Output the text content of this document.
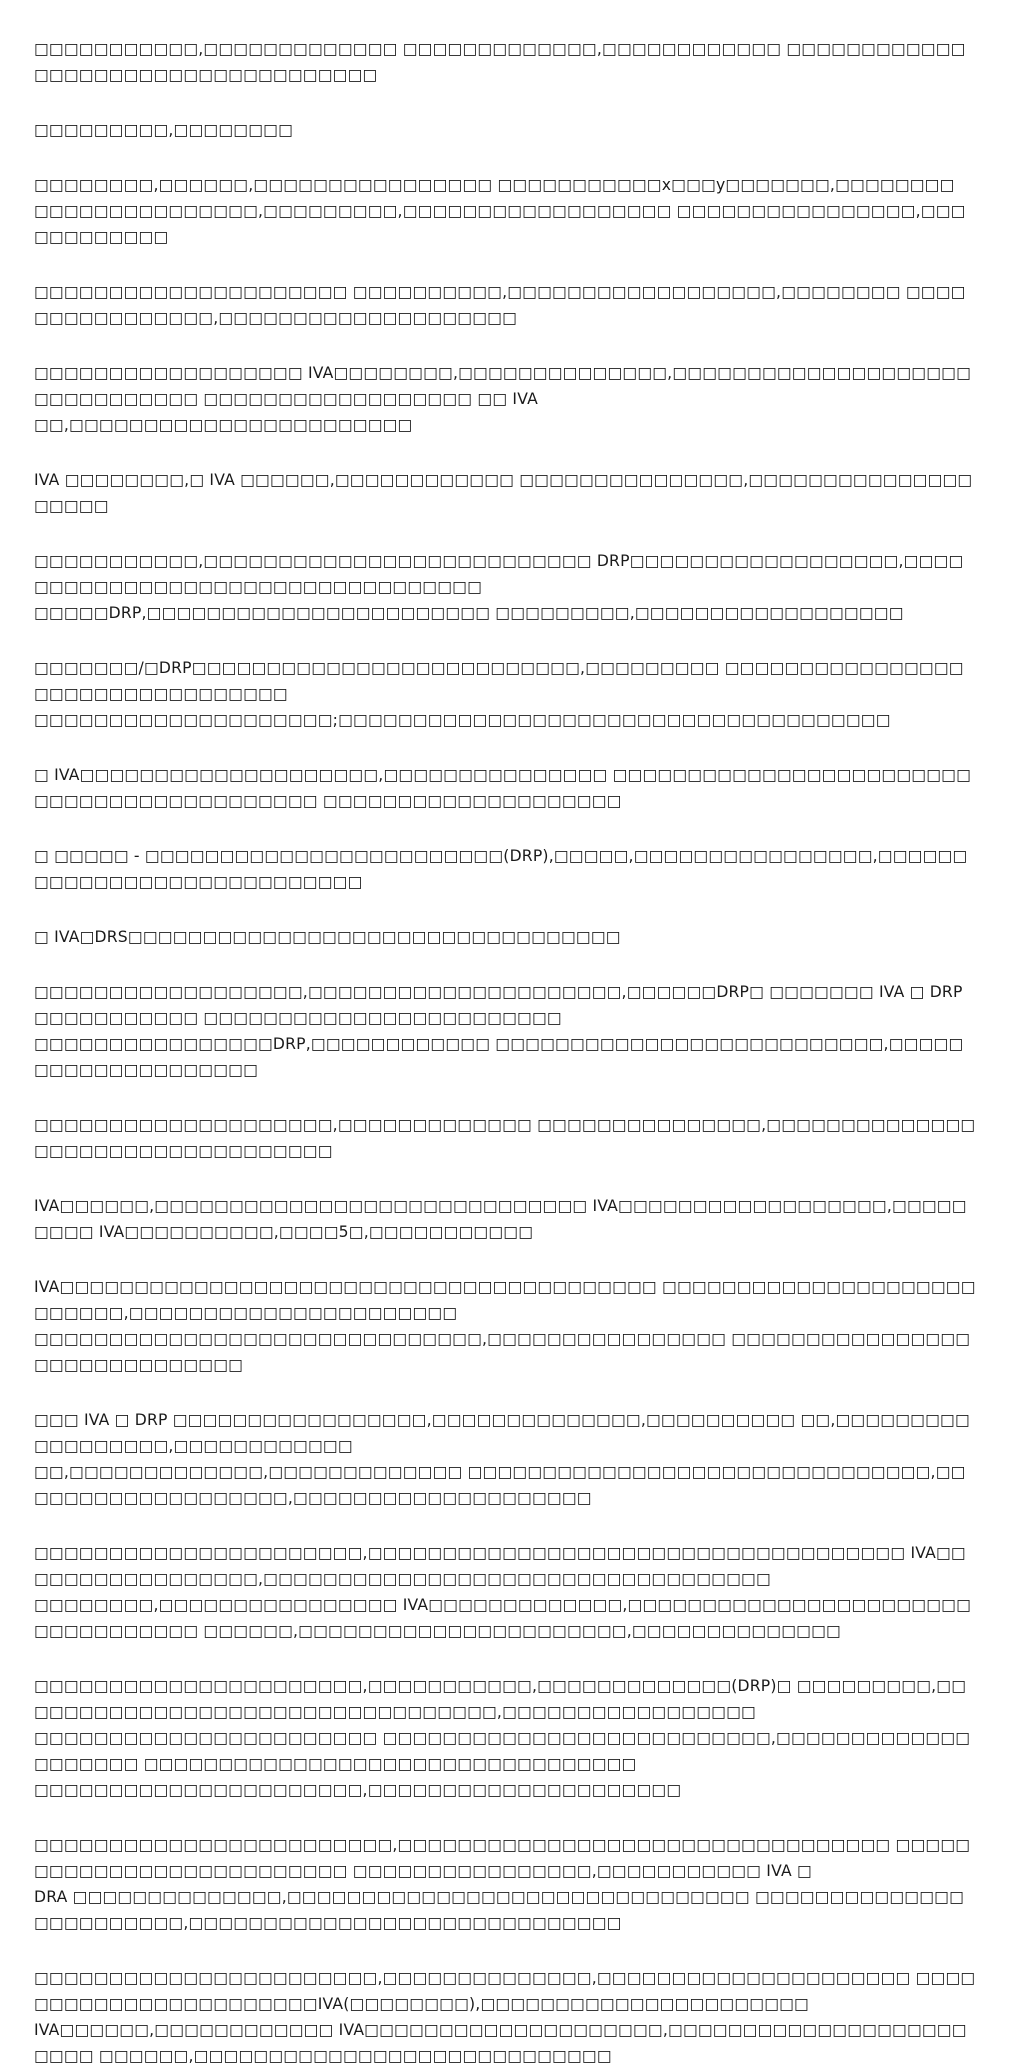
□□□□□□□□□□□,□□□□□□□□□□□□□ □□□□□□□□□□□□□,□□□□□□□□□□□□ □□□□□□□□□□□□□□□□□□□□□□□□□□□□□□□□□□□

□□□□□□□□□,□□□□□□□□

□□□□□□□□,□□□□□□,□□□□□□□□□□□□□□□□ □□□□□□□□□□□x□□□y□□□□□□□,□□□□□□□□
□□□□□□□□□□□□□□□,□□□□□□□□□,□□□□□□□□□□□□□□□□□□ □□□□□□□□□□□□□□□□,□□□□□□□□□□□□

□□□□□□□□□□□□□□□□□□□□□ □□□□□□□□□□,□□□□□□□□□□□□□□□□□□,□□□□□□□□ □□□□□□□□□□□□□□□□,□□□□□□□□□□□□□□□□□□□□

□□□□□□□□□□□□□□□□□□ IVA□□□□□□□□,□□□□□□□□□□□□□□,□□□□□□□□□□□□□□□□□□□□□□□□□□□□□□□ □□□□□□□□□□□□□□□□□□ □□ IVA
□□,□□□□□□□□□□□□□□□□□□□□□□□

IVA □□□□□□□□,□ IVA □□□□□□,□□□□□□□□□□□□ □□□□□□□□□□□□□□□,□□□□□□□□□□□□□□□□□□□□

□□□□□□□□□□□,□□□□□□□□□□□□□□□□□□□□□□□□□□ DRP□□□□□□□□□□□□□□□□□□,□□□□□□□□□□□□□□□□□□□□□□□□□□□□□□□□□□
□□□□□DRP,□□□□□□□□□□□□□□□□□□□□□□□ □□□□□□□□□,□□□□□□□□□□□□□□□□□□

□□□□□□□/□DRP□□□□□□□□□□□□□□□□□□□□□□□□□□,□□□□□□□□□ □□□□□□□□□□□□□□□□□□□□□□□□□□□□□□□□□
□□□□□□□□□□□□□□□□□□□□;□□□□□□□□□□□□□□□□□□□□□□□□□□□□□□□□□□□□□

□ IVA□□□□□□□□□□□□□□□□□□□□,□□□□□□□□□□□□□□□ □□□□□□□□□□□□□□□□□□□□□□□□□□□□□□□□□□□□□□□□□□□ □□□□□□□□□□□□□□□□□□□□

□ □□□□□ - □□□□□□□□□□□□□□□□□□□□□□□□(DRP),□□□□□,□□□□□□□□□□□□□□□□,□□□□□□□□□□□□□□□□□□□□□□□□□□□□

□ IVA□DRS□□□□□□□□□□□□□□□□□□□□□□□□□□□□□□□□□

□□□□□□□□□□□□□□□□□□,□□□□□□□□□□□□□□□□□□□□□,□□□□□□DRP□ □□□□□□□ IVA □ DRP □□□□□□□□□□□ □□□□□□□□□□□□□□□□□□□□□□□□
□□□□□□□□□□□□□□□□DRP,□□□□□□□□□□□□ □□□□□□□□□□□□□□□□□□□□□□□□□□,□□□□□□□□□□□□□□□□□□□□

□□□□□□□□□□□□□□□□□□□□,□□□□□□□□□□□□□ □□□□□□□□□□□□□□□,□□□□□□□□□□□□□□□□□□□□□□□□□□□□□□□□□□

IVA□□□□□□,□□□□□□□□□□□□□□□□□□□□□□□□□□□□□ IVA□□□□□□□□□□□□□□□□□□,□□□□□□□□□ IVA□□□□□□□□□□,□□□□5□,□□□□□□□□□□□

IVA□□□□□□□□□□□□□□□□□□□□□□□□□□□□□□□□□□□□□□□□ □□□□□□□□□□□□□□□□□□□□□□□□□□□,□□□□□□□□□□□□□□□□□□□□□□
□□□□□□□□□□□□□□□□□□□□□□□□□□□□□□,□□□□□□□□□□□□□□□□ □□□□□□□□□□□□□□□□□□□□□□□□□□□□□□

□□□ IVA □ DRP □□□□□□□□□□□□□□□□□,□□□□□□□□□□□□□□,□□□□□□□□□□ □□,□□□□□□□□□□□□□□□□□□,□□□□□□□□□□□□
□□,□□□□□□□□□□□□□,□□□□□□□□□□□□□ □□□□□□□□□□□□□□□□□□□□□□□□□□□□□□□,□□□□□□□□□□□□□□□□□□□,□□□□□□□□□□□□□□□□□□□□

□□□□□□□□□□□□□□□□□□□□□□,□□□□□□□□□□□□□□□□□□□□□□□□□□□□□□□□□□□□ IVA□□□□□□□□□□□□□□□□□,□□□□□□□□□□□□□□□□□□□□□□□□□□□□□□□□□□
□□□□□□□□,□□□□□□□□□□□□□□□□ IVA□□□□□□□□□□□□□,□□□□□□□□□□□□□□□□□□□□□□□□□□□□□□□□□□ □□□□□□,□□□□□□□□□□□□□□□□□□□□□□,□□□□□□□□□□□□□□

□□□□□□□□□□□□□□□□□□□□□□,□□□□□□□□□□□,□□□□□□□□□□□□□(DRP)□ □□□□□□□□□,□□□□□□□□□□□□□□□□□□□□□□□□□□□□□□□□□,□□□□□□□□□□□□□□□□□
□□□□□□□□□□□□□□□□□□□□□□□ □□□□□□□□□□□□□□□□□□□□□□□□□□,□□□□□□□□□□□□□□□□□□□□ □□□□□□□□□□□□□□□□□□□□□□□□□□□□□□□□□
□□□□□□□□□□□□□□□□□□□□□□,□□□□□□□□□□□□□□□□□□□□□

□□□□□□□□□□□□□□□□□□□□□□□□,□□□□□□□□□□□□□□□□□□□□□□□□□□□□□□□□□ □□□□□□□□□□□□□□□□□□□□□□□□□□ □□□□□□□□□□□□□□□□,□□□□□□□□□□□ IVA □
DRA □□□□□□□□□□□□□□,□□□□□□□□□□□□□□□□□□□□□□□□□□□□□□□ □□□□□□□□□□□□□□□□□□□□□□□□,□□□□□□□□□□□□□□□□□□□□□□□□□□□□□

□□□□□□□□□□□□□□□□□□□□□□□,□□□□□□□□□□□□□□,□□□□□□□□□□□□□□□□□□□□□ □□□□□□□□□□□□□□□□□□□□□□□IVA(□□□□□□□□),□□□□□□□□□□□□□□□□□□□□□□
IVA□□□□□□,□□□□□□□□□□□□ IVA□□□□□□□□□□□□□□□□□□□□,□□□□□□□□□□□□□□□□□□□□□□□□ □□□□□□,□□□□□□□□□□□□□□□□□□□□□□□□□□□□
